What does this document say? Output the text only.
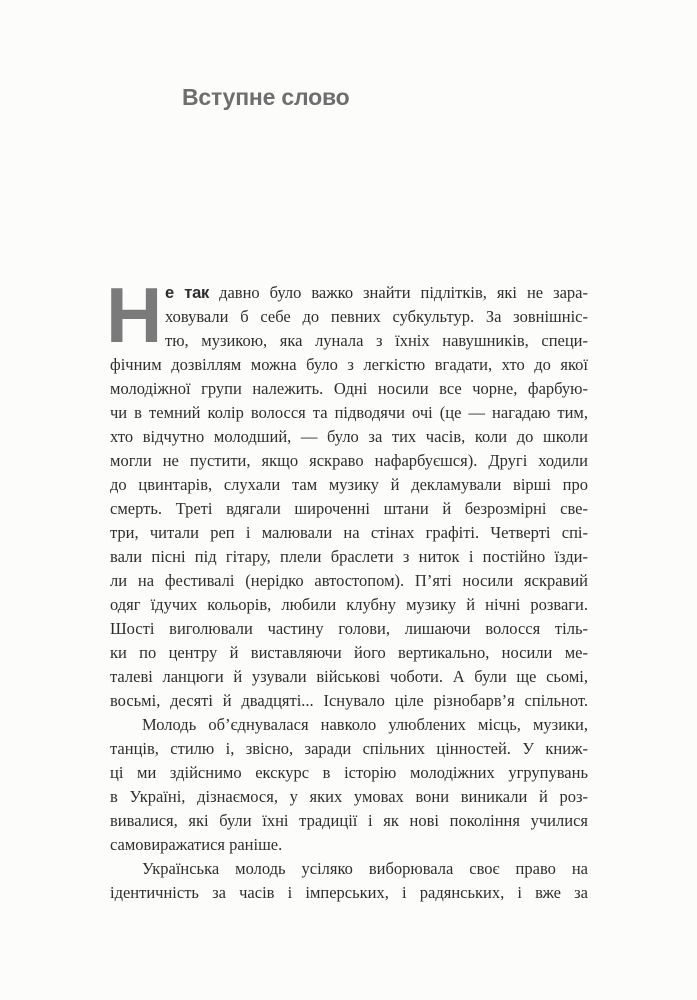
Вступне слово
Н е так давно було важко знайти підлітків, які не зара-
ховували б себе до певних субкультур. За зовнішніс-
тю, музикою, яка лунала з їхніх навушників, специ-
фічним дозвіллям можна було з легкістю вгадати, хто до якої
молодіжної групи належить. Одні носили все чорне, фарбую-
чи в темний колір волосся та підводячи очі (це — нагадаю тим,
хто відчутно молодший, — було за тих часів, коли до школи
могли не пустити, якщо яскраво нафарбуєшся). Другі ходили
до цвинтарів, слухали там музику й декламували вірші про
смерть. Треті вдягали широченні штани й безрозмірні све-
три, читали реп і малювали на стінах графіті. Четверті спі-
вали пісні під гітару, плели браслети з ниток і постійно їзди-
ли на фестивалі (нерідко автостопом). П’яті носили яскравий
одяг їдучих кольорів, любили клубну музику й нічні розваги.
Шості виголювали частину голови, лишаючи волосся тіль-
ки по центру й виставляючи його вертикально, носили ме-
талеві ланцюги й узували військові чоботи. А були ще сьомі,
восьмі, десяті й двадцяті... Існувало ціле різнобарв’я спільнот.
Молодь об’єднувалася навколо улюблених місць, музики,
танців, стилю і, звісно, заради спільних цінностей. У книж-
ці ми здійснимо екскурс в історію молодіжних угрупувань
в Україні, дізнаємося, у яких умовах вони виникали й роз-
вивалися, які були їхні традиції і як нові покоління училися
самовиражатися раніше.
Українська молодь усіляко виборювала своє право на
ідентичність за часів і імперських, і радянських, і вже за
